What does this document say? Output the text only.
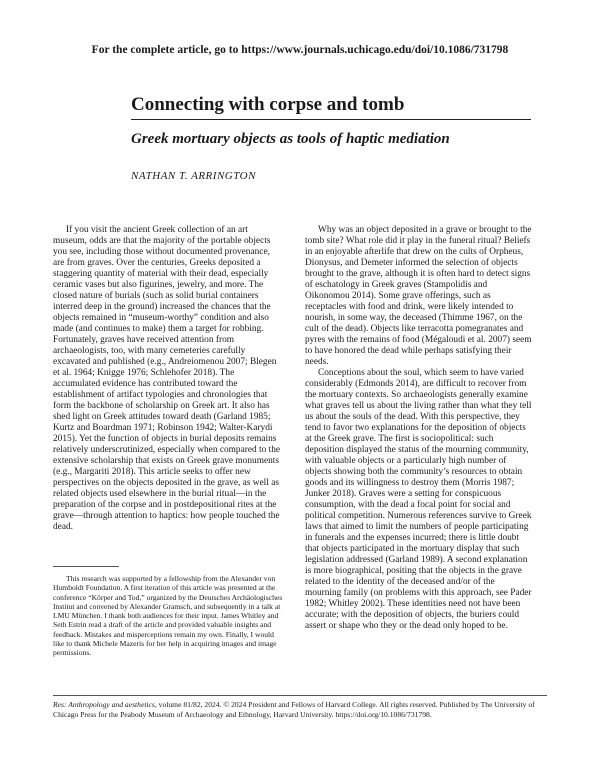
For the complete article, go to https://www.journals.uchicago.edu/doi/10.1086/731798
Connecting with corpse and tomb
Greek mortuary objects as tools of haptic mediation
NATHAN T. ARRINGTON

If you visit the ancient Greek collection of an art museum, odds are that the majority of the portable objects you see, including those without documented provenance, are from graves. Over the centuries, Greeks deposited a staggering quantity of material with their dead, especially ceramic vases but also figurines, jewelry, and more. The closed nature of burials (such as solid burial containers interred deep in the ground) increased the chances that the objects remained in “museum-worthy” condition and also made (and continues to make) them a target for robbing. Fortunately, graves have received attention from archaeologists, too, with many cemeteries carefully excavated and published (e.g., Andreiomenou 2007; Blegen et al. 1964; Knigge 1976; Schlehofer 2018). The accumulated evidence has contributed toward the establishment of artifact typologies and chronologies that form the backbone of scholarship on Greek art. It also has shed light on Greek attitudes toward death (Garland 1985; Kurtz and Boardman 1971; Robinson 1942; Walter-Karydi 2015). Yet the function of objects in burial deposits remains relatively underscrutinized, especially when compared to the extensive scholarship that exists on Greek grave monuments (e.g., Margariti 2018). This article seeks to offer new perspectives on the objects deposited in the grave, as well as related objects used elsewhere in the burial ritual—in the preparation of the corpse and in postdepositional rites at the grave—through attention to haptics: how people touched the dead.

Why was an object deposited in a grave or brought to the tomb site? What role did it play in the funeral ritual? Beliefs in an enjoyable afterlife that drew on the cults of Orpheus, Dionysus, and Demeter informed the selection of objects brought to the grave, although it is often hard to detect signs of eschatology in Greek graves (Stampolidis and Oikonomou 2014). Some grave offerings, such as receptacles with food and drink, were likely intended to nourish, in some way, the deceased (Thimme 1967, on the cult of the dead). Objects like terracotta pomegranates and pyres with the remains of food (Mégaloudi et al. 2007) seem to have honored the dead while perhaps satisfying their needs.

Conceptions about the soul, which seem to have varied considerably (Edmonds 2014), are difficult to recover from the mortuary contexts. So archaeologists generally examine what graves tell us about the living rather than what they tell us about the souls of the dead. With this perspective, they tend to favor two explanations for the deposition of objects at the Greek grave. The first is sociopolitical: such deposition displayed the status of the mourning community, with valuable objects or a particularly high number of objects showing both the community’s resources to obtain goods and its willingness to destroy them (Morris 1987; Junker 2018). Graves were a setting for conspicuous consumption, with the dead a focal point for social and political competition. Numerous references survive to Greek laws that aimed to limit the numbers of people participating in funerals and the expenses incurred; there is little doubt that objects participated in the mortuary display that such legislation addressed (Garland 1989). A second explanation is more biographical, positing that the objects in the grave related to the identity of the deceased and/or of the mourning family (on problems with this approach, see Pader 1982; Whitley 2002). These identities need not have been accurate; with the deposition of objects, the buriers could assert or shape who they or the dead only hoped to be.

This research was supported by a fellowship from the Alexander von Humboldt Foundation. A first iteration of this article was presented at the conference “Körper and Tod,” organized by the Deutsches Archäologisches Institut and convened by Alexander Gramsch, and subsequently in a talk at LMU München. I thank both audiences for their input. James Whitley and Seth Estrin read a draft of the article and provided valuable insights and feedback. Mistakes and misperceptions remain my own. Finally, I would like to thank Michele Mazeris for her help in acquiring images and image permissions.

Res: Anthropology and aesthetics, volume 81/82, 2024. © 2024 President and Fellows of Harvard College. All rights reserved. Published by The University of Chicago Press for the Peabody Museum of Archaeology and Ethnology, Harvard University. https://doi.org/10.1086/731798.
